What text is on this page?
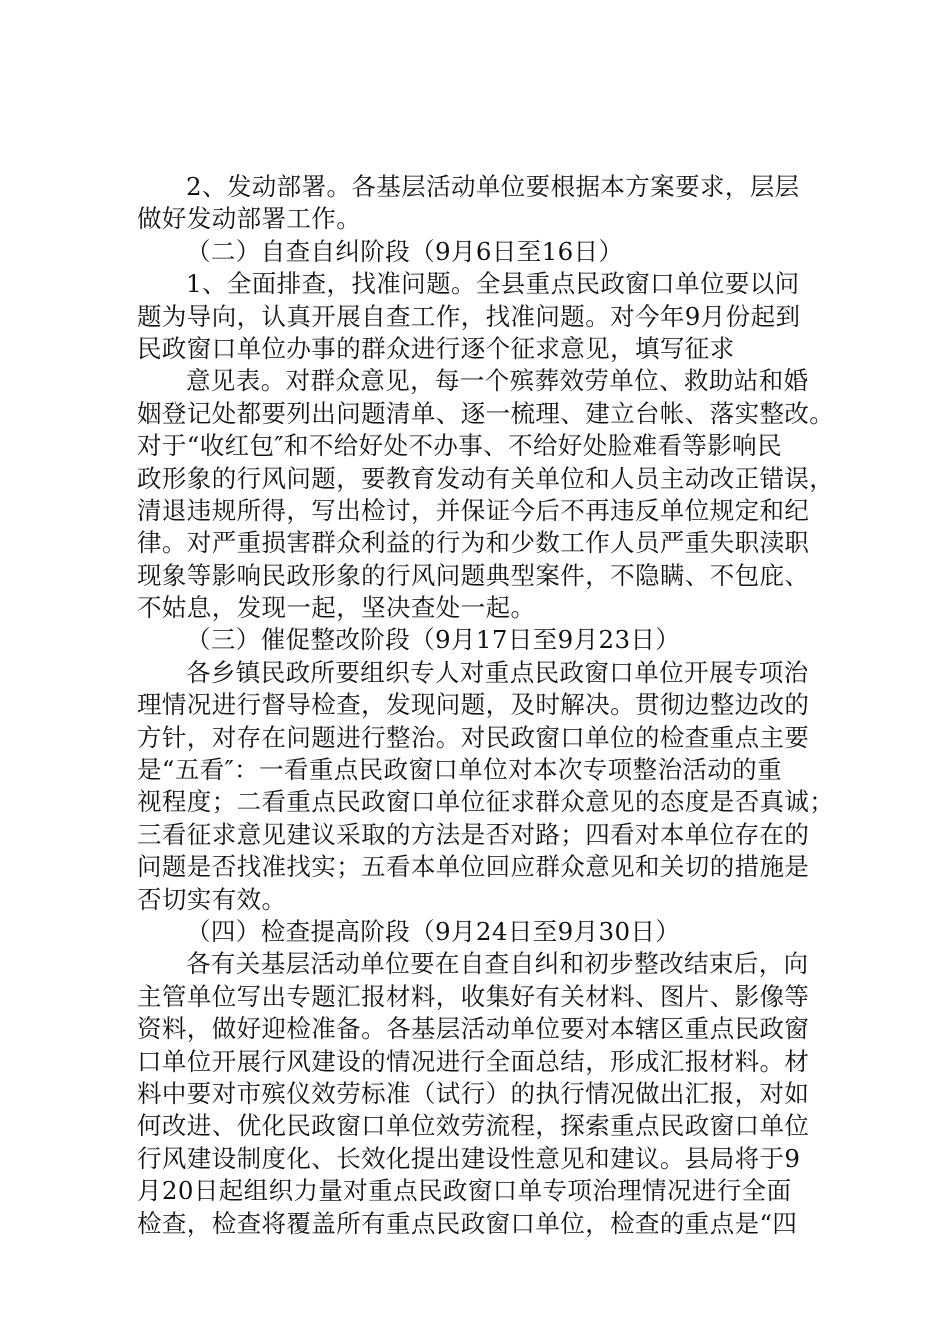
2、发动部署。各基层活动单位要根据本方案要求，层层
做好发动部署工作。
（二）自查自纠阶段（9月6日至16日）
1、全面排查，找准问题。全县重点民政窗口单位要以问
题为导向，认真开展自查工作，找准问题。对今年9月份起到
民政窗口单位办事的群众进行逐个征求意见，填写征求
意见表。对群众意见，每一个殡葬效劳单位、救助站和婚
姻登记处都要列出问题清单、逐一梳理、建立台帐、落实整改。
对于“收红包″和不给好处不办事、不给好处脸难看等影响民
政形象的行风问题，要教育发动有关单位和人员主动改正错误，
清退违规所得，写出检讨，并保证今后不再违反单位规定和纪
律。对严重损害群众利益的行为和少数工作人员严重失职渎职
现象等影响民政形象的行风问题典型案件，不隐瞒、不包庇、
不姑息，发现一起，坚决查处一起。
（三）催促整改阶段（9月17日至9月23日）
各乡镇民政所要组织专人对重点民政窗口单位开展专项治
理情况进行督导检查，发现问题，及时解决。贯彻边整边改的
方针，对存在问题进行整治。对民政窗口单位的检查重点主要
是“五看″：一看重点民政窗口单位对本次专项整治活动的重
视程度；二看重点民政窗口单位征求群众意见的态度是否真诚；
三看征求意见建议采取的方法是否对路；四看对本单位存在的
问题是否找准找实；五看本单位回应群众意见和关切的措施是
否切实有效。
（四）检查提高阶段（9月24日至9月30日）
各有关基层活动单位要在自查自纠和初步整改结束后，向
主管单位写出专题汇报材料，收集好有关材料、图片、影像等
资料，做好迎检准备。各基层活动单位要对本辖区重点民政窗
口单位开展行风建设的情况进行全面总结，形成汇报材料。材
料中要对市殡仪效劳标准（试行）的执行情况做出汇报，对如
何改进、优化民政窗口单位效劳流程，探索重点民政窗口单位
行风建设制度化、长效化提出建设性意见和建议。县局将于9
月20日起组织力量对重点民政窗口单专项治理情况进行全面
检查，检查将覆盖所有重点民政窗口单位，检查的重点是“四
